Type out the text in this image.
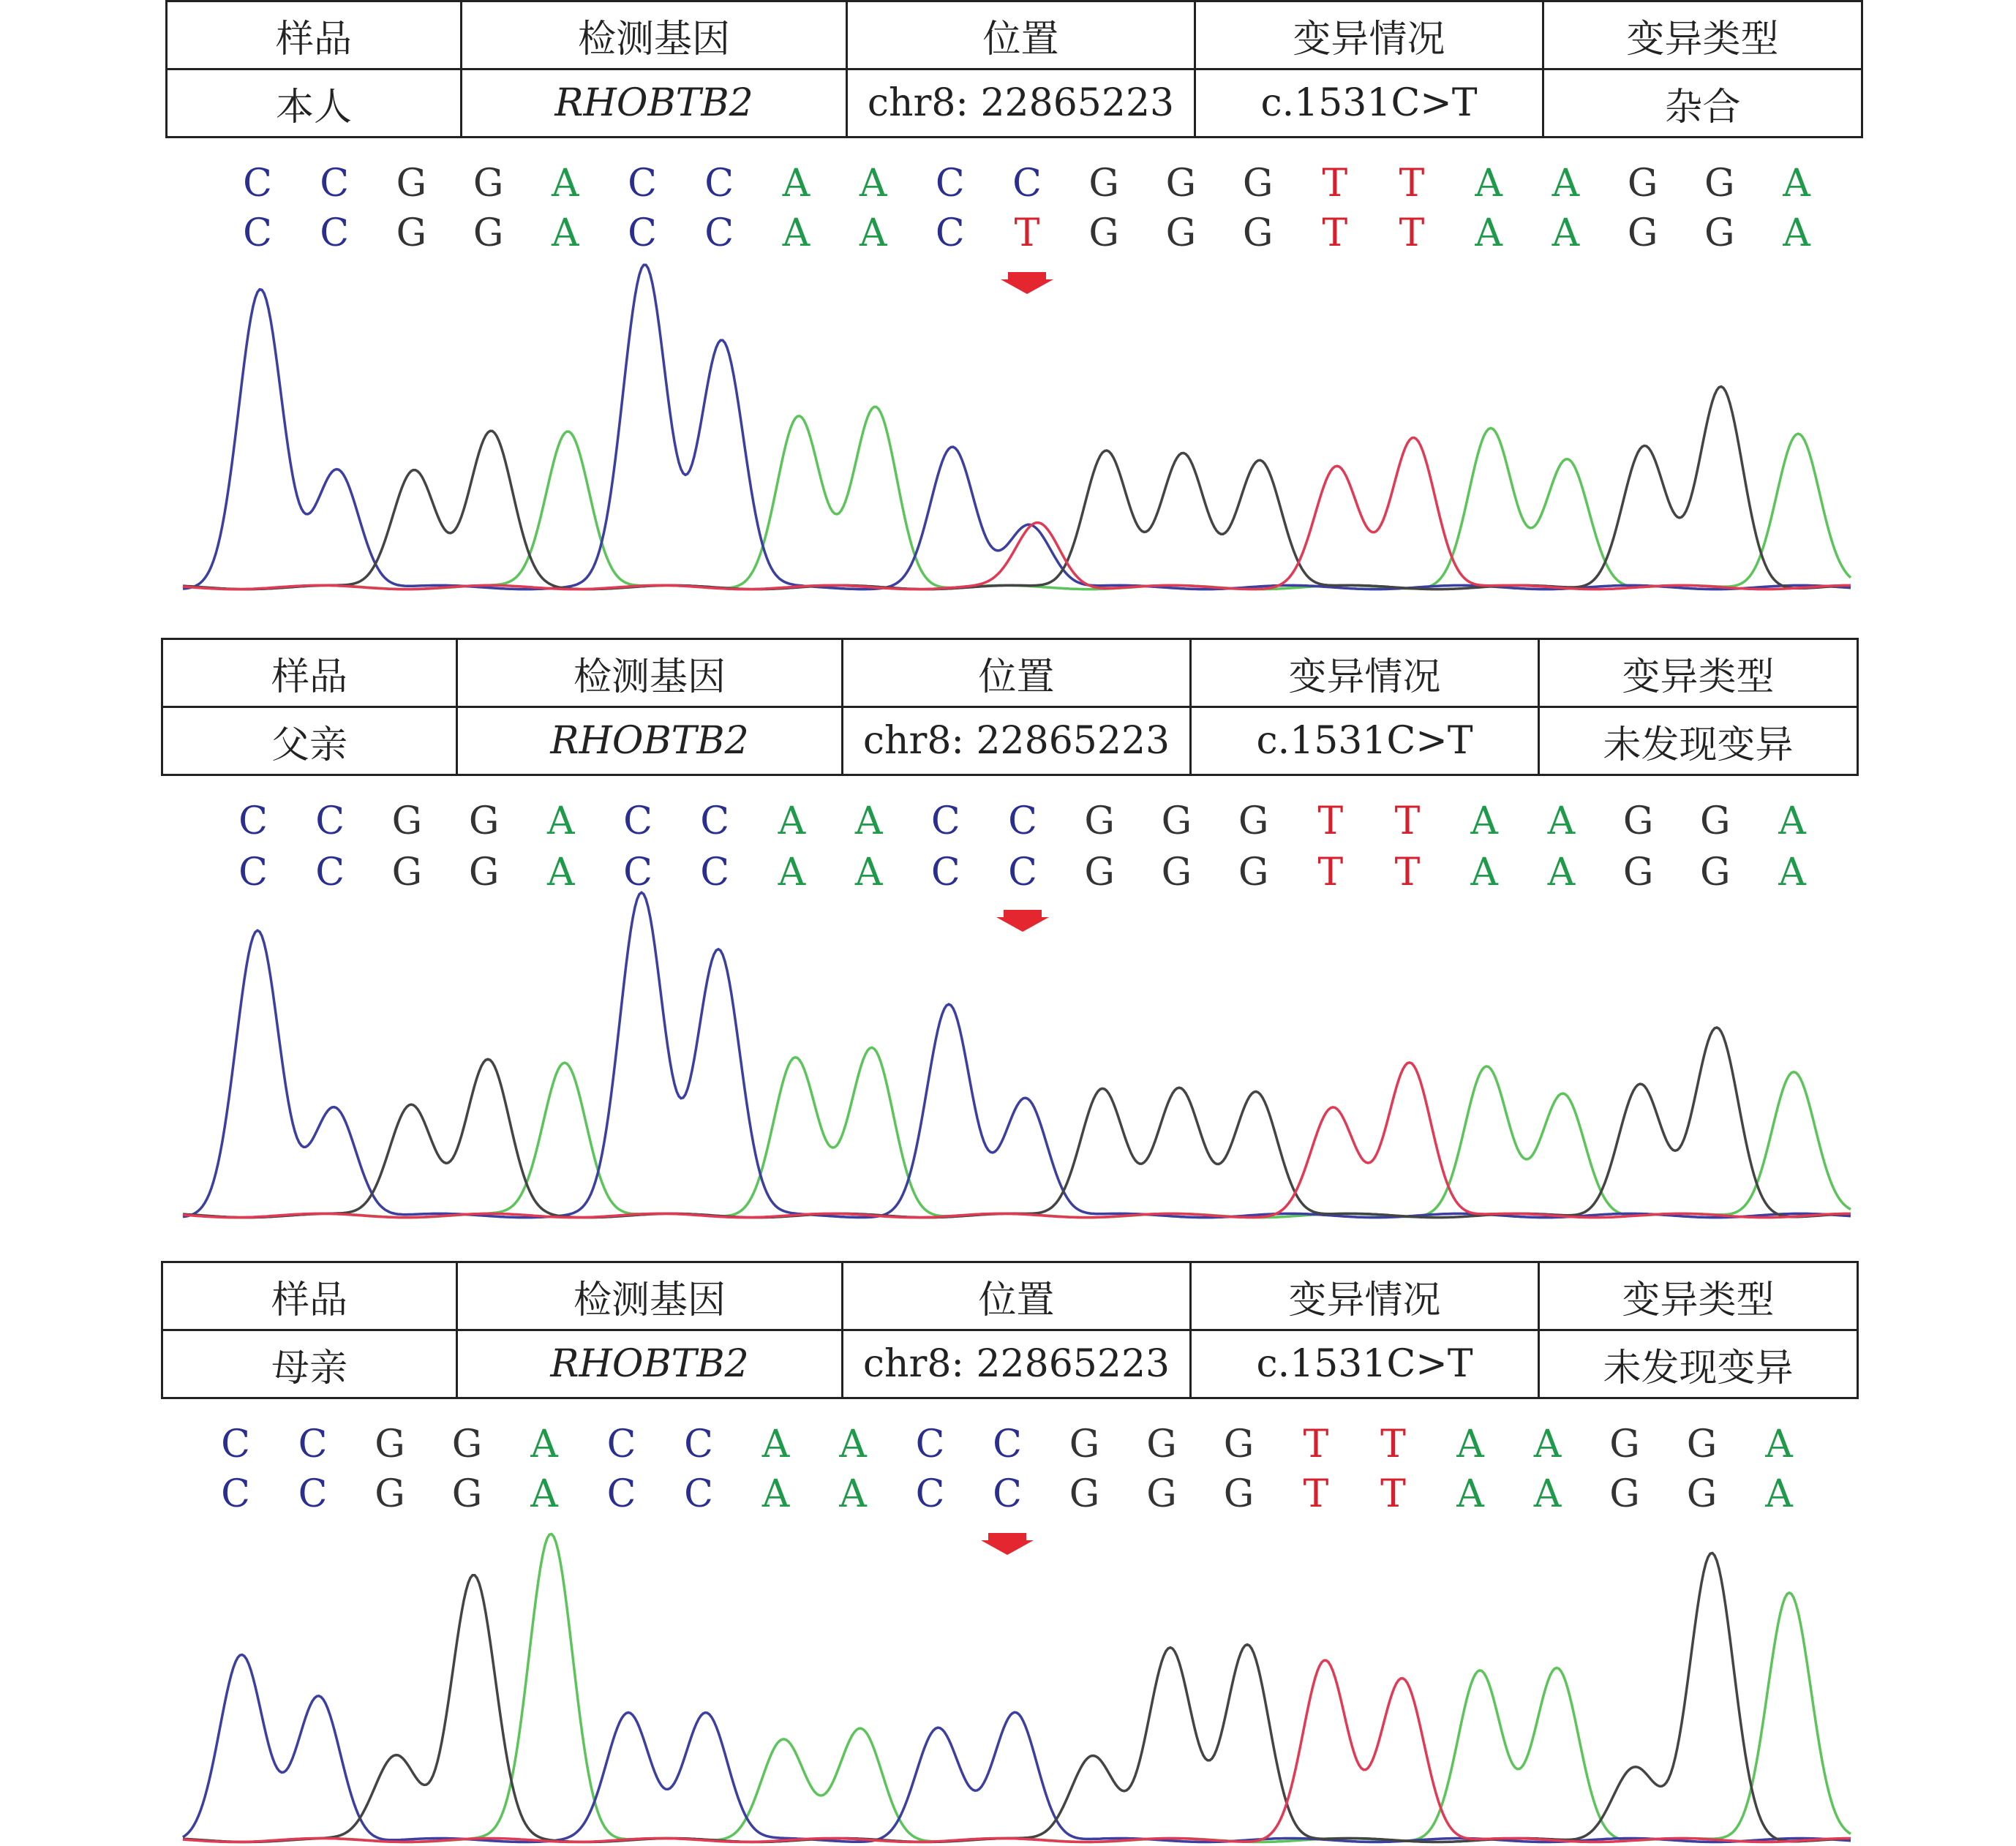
样品	检测基因	位置	变异情况	变异类型
本人	RHOBTB2	chr8: 22865223	c.1531C>T	杂合
C C G G A C C A A C C G G G T T A A G G A
C C G G A C C A A C T G G G T T A A G G A
样品	检测基因	位置	变异情况	变异类型
父亲	RHOBTB2	chr8: 22865223	c.1531C>T	未发现变异
C C G G A C C A A C C G G G T T A A G G A
C C G G A C C A A C C G G G T T A A G G A
样品	检测基因	位置	变异情况	变异类型
母亲	RHOBTB2	chr8: 22865223	c.1531C>T	未发现变异
C C G G A C C A A C C G G G T T A A G G A
C C G G A C C A A C C G G G T T A A G G A
